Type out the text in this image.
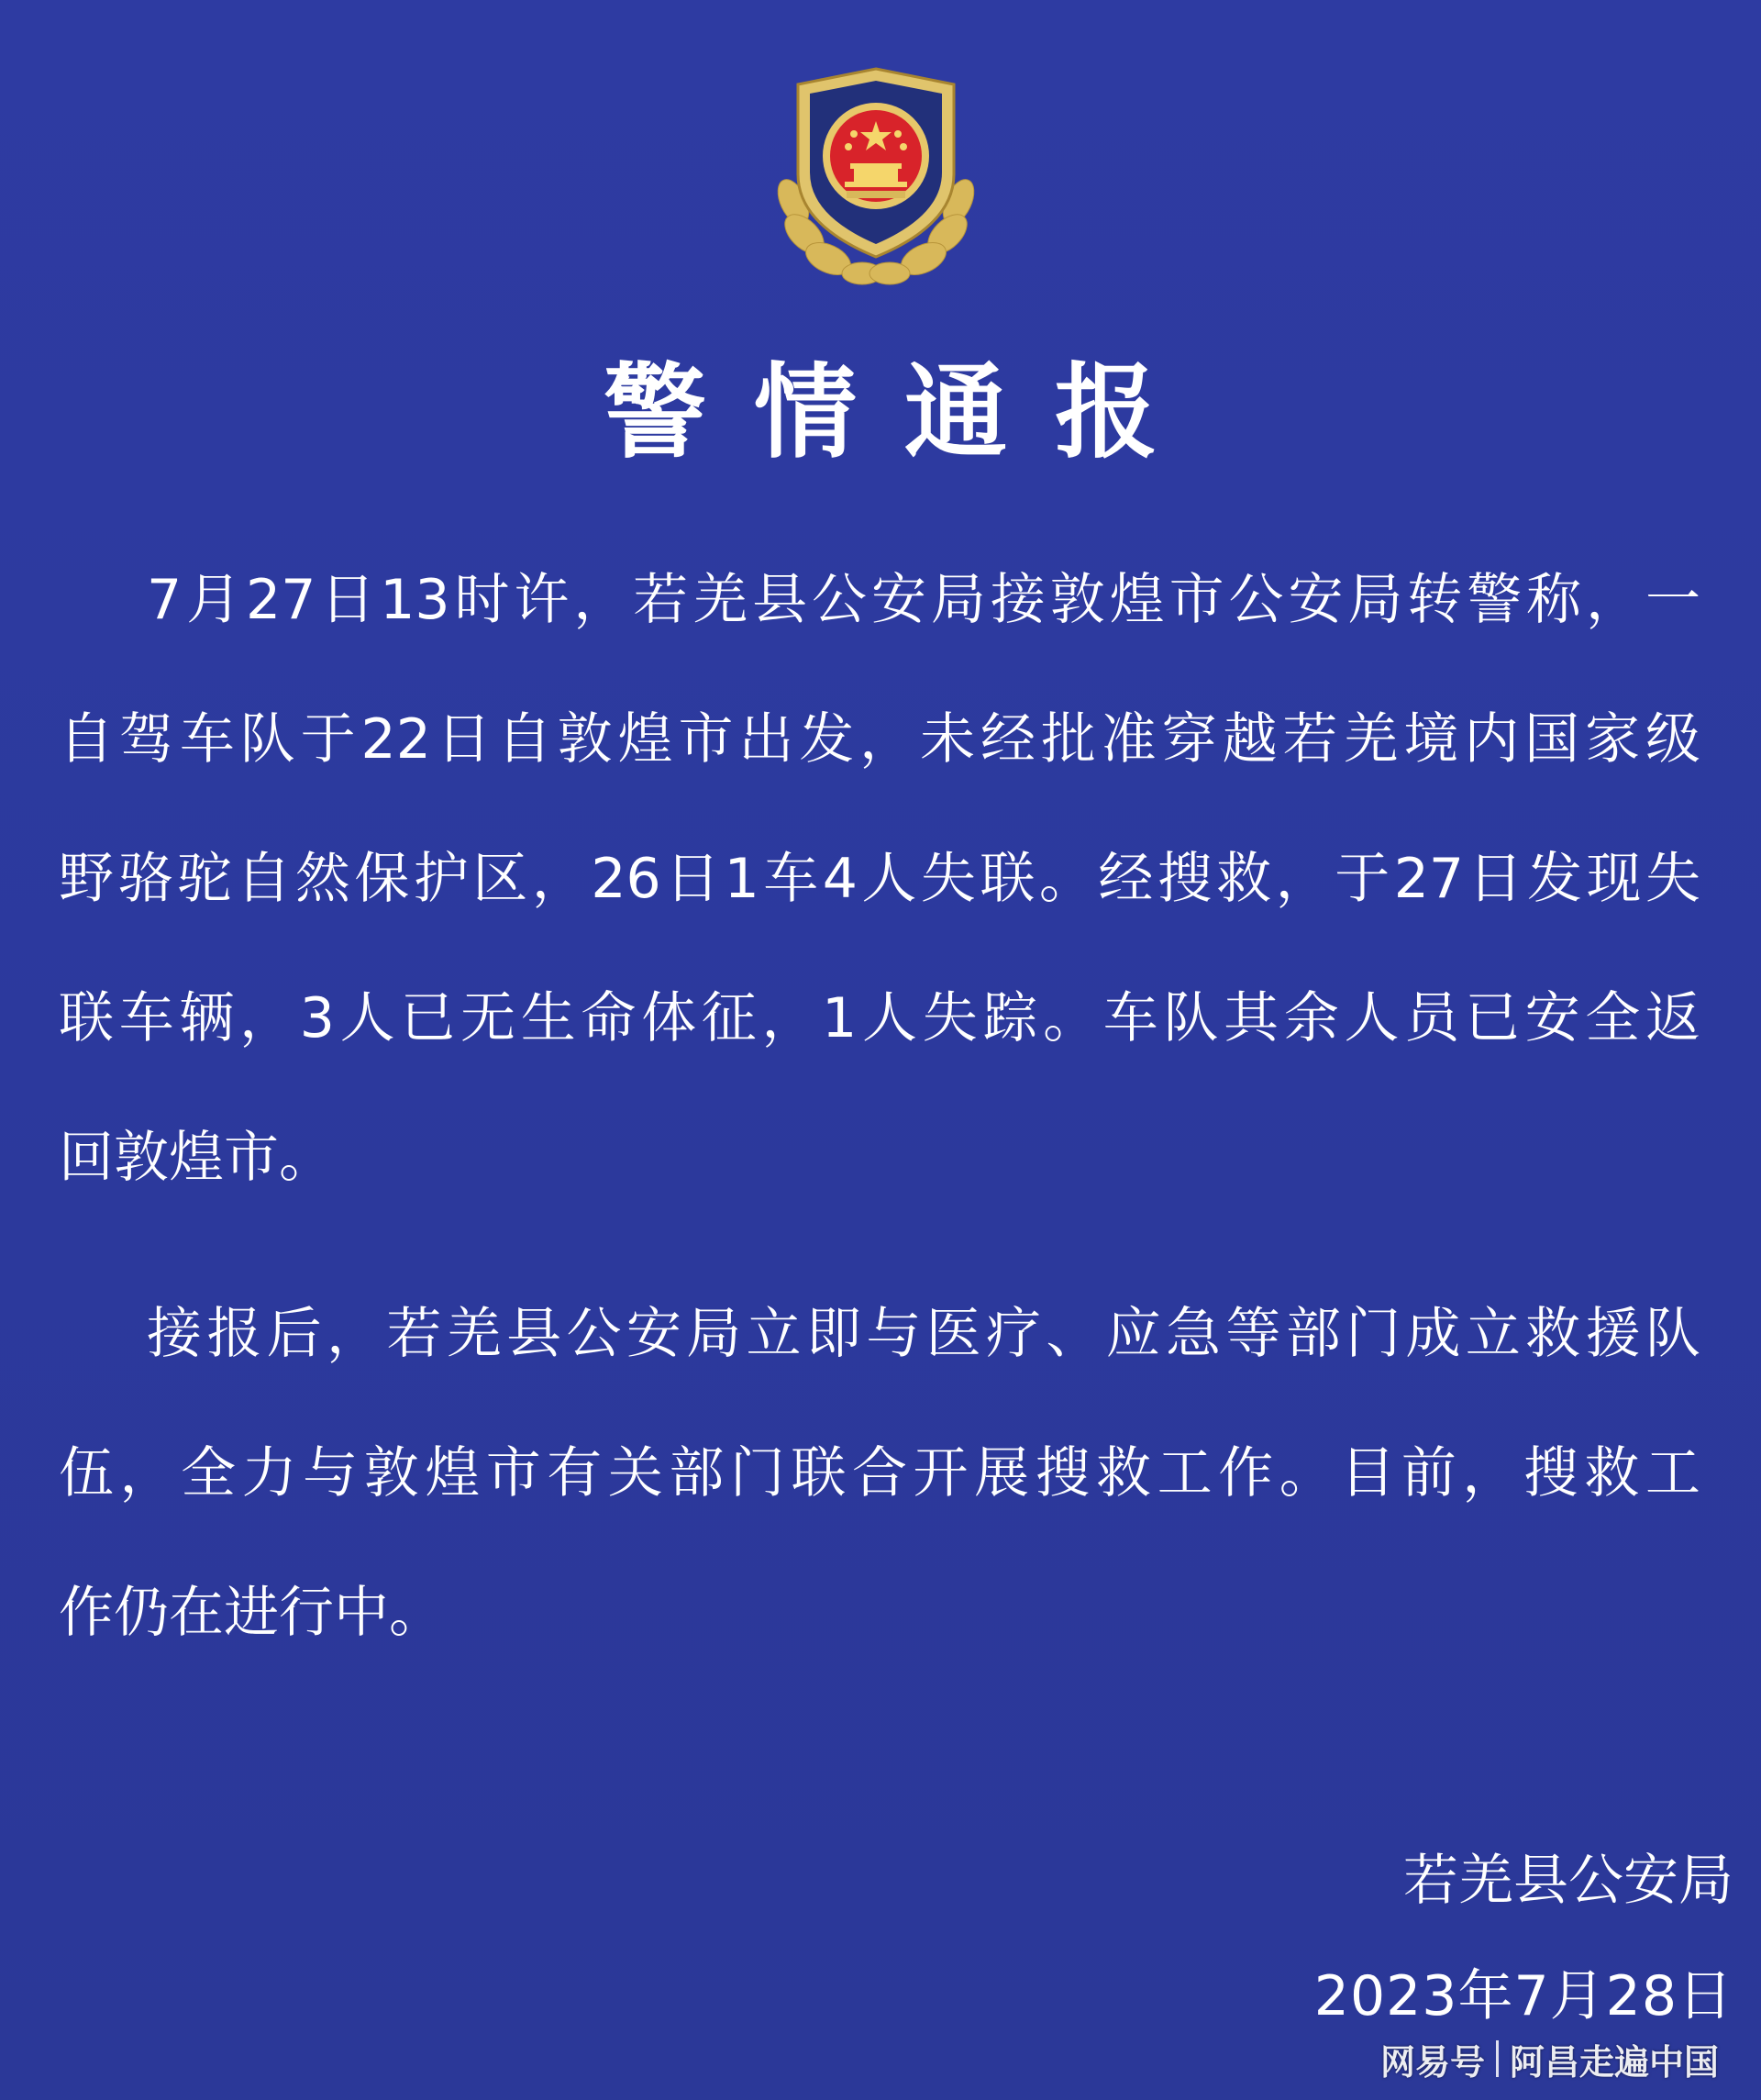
警情通报
7月27日13时许，若羌县公安局接敦煌市公安局转警称，一
自驾车队于22日自敦煌市出发，未经批准穿越若羌境内国家级
野骆驼自然保护区，26日1车4人失联。经搜救，于27日发现失
联车辆，3人已无生命体征，1人失踪。车队其余人员已安全返
回敦煌市。
接报后，若羌县公安局立即与医疗、应急等部门成立救援队
伍，全力与敦煌市有关部门联合开展搜救工作。目前，搜救工
作仍在进行中。
若羌县公安局
2023年7月28日
网易号 阿昌走遍中国
